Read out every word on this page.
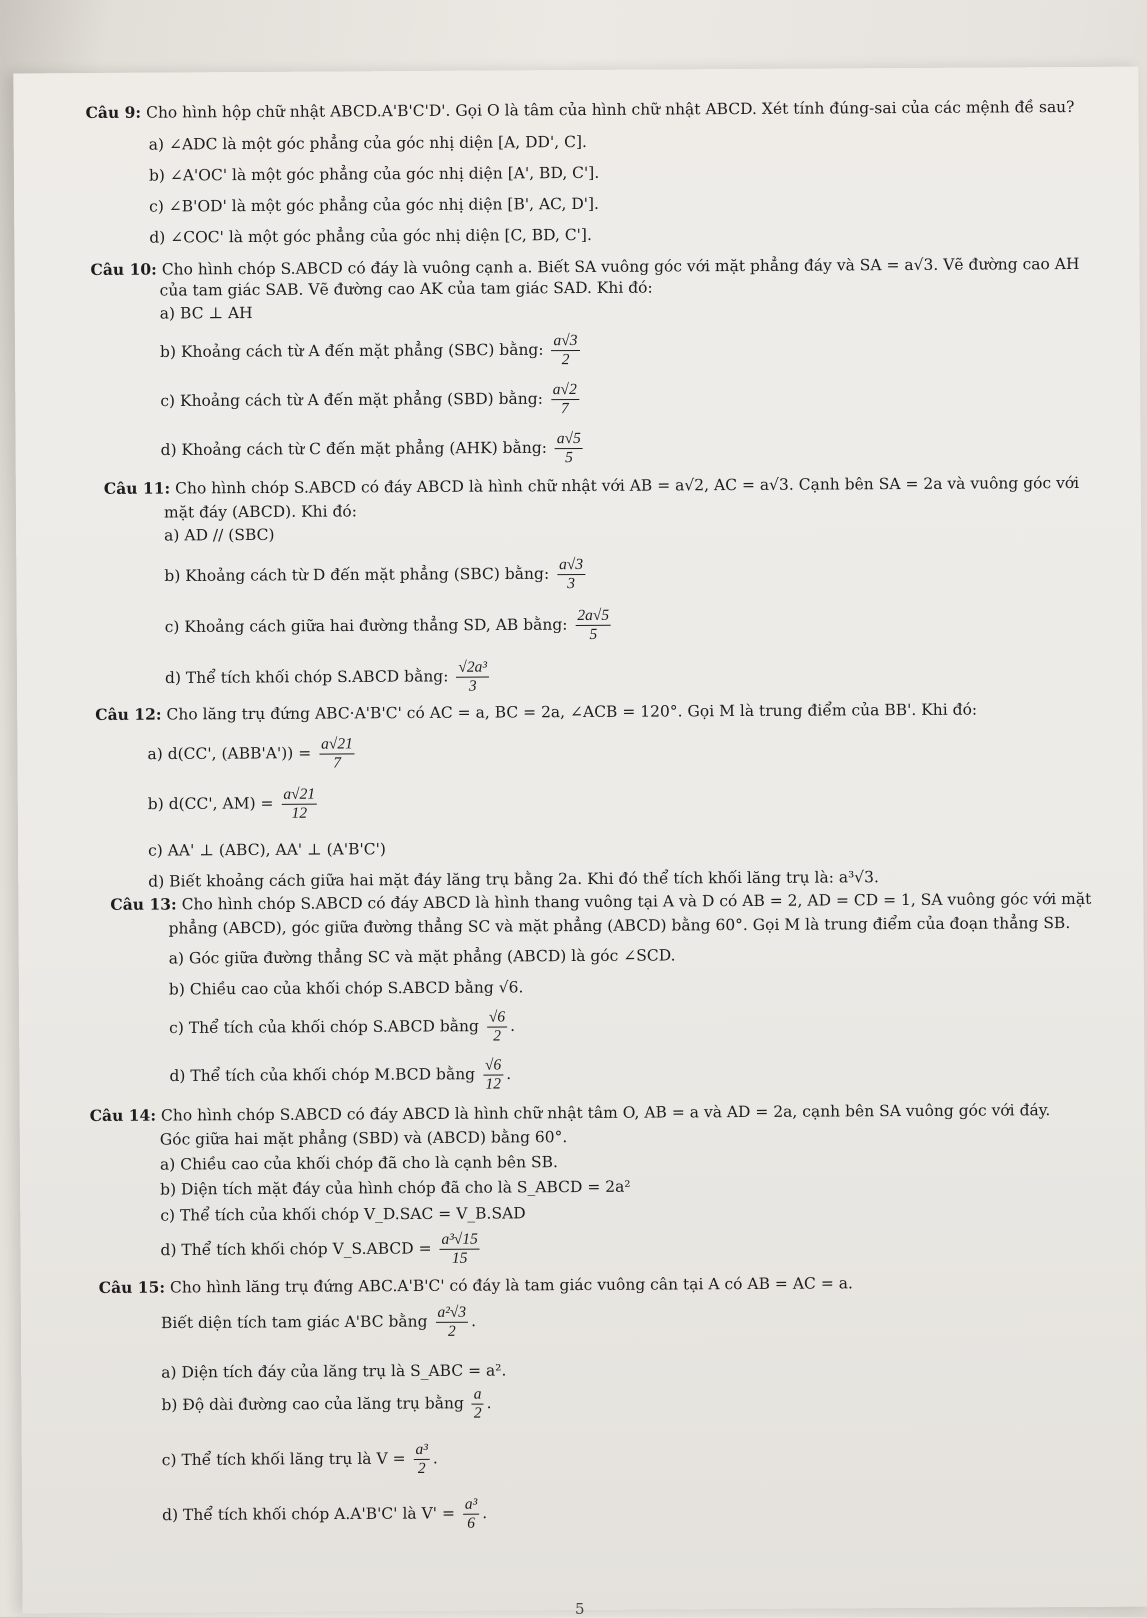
Câu 9: Cho hình hộp chữ nhật ABCD.A'B'C'D'. Gọi O là tâm của hình chữ nhật ABCD. Xét tính đúng-sai của các mệnh đề sau?
a) ∠ADC là một góc phẳng của góc nhị diện [A, DD', C].
b) ∠A'OC' là một góc phẳng của góc nhị diện [A', BD, C'].
c) ∠B'OD' là một góc phẳng của góc nhị diện [B', AC, D'].
d) ∠COC' là một góc phẳng của góc nhị diện [C, BD, C'].
Câu 10: Cho hình chóp S.ABCD có đáy là vuông cạnh a. Biết SA vuông góc với mặt phẳng đáy và SA = a√3. Vẽ đường cao AH
của tam giác SAB. Vẽ đường cao AK của tam giác SAD. Khi đó:
a) BC ⊥ AH
b) Khoảng cách từ A đến mặt phẳng (SBC) bằng: $\frac{a√3}{2}$
c) Khoảng cách từ A đến mặt phẳng (SBD) bằng: $\frac{a√2}{7}$
d) Khoảng cách từ C đến mặt phẳng (AHK) bằng: $\frac{a√5}{5}$
Câu 11: Cho hình chóp S.ABCD có đáy ABCD là hình chữ nhật với AB = a√2, AC = a√3. Cạnh bên SA = 2a và vuông góc với
mặt đáy (ABCD). Khi đó:
a) AD // (SBC)
b) Khoảng cách từ D đến mặt phẳng (SBC) bằng: $\frac{a√3}{3}$
c) Khoảng cách giữa hai đường thẳng SD, AB bằng: $\frac{2a√5}{5}$
d) Thể tích khối chóp S.ABCD bằng: $\frac{\text{√2a³}}{3}$
Câu 12: Cho lăng trụ đứng ABC·A'B'C' có AC = a, BC = 2a, ∠ACB = 120°. Gọi M là trung điểm của BB'. Khi đó:
a) d(CC', $(ABB'A')) = \frac{a√21}{7}$
b) d(CC', $AM) = \frac{a√21}{12}$
c) AA' ⊥ (ABC), AA' ⊥ (A'B'C')
d) Biết khoảng cách giữa hai mặt đáy lăng trụ bằng 2a. Khi đó thể tích khối lăng trụ là: a³√3.
Câu 13: Cho hình chóp S.ABCD có đáy ABCD là hình thang vuông tại A và D có AB = 2, AD = CD = 1, SA vuông góc với mặt
phẳng (ABCD), góc giữa đường thẳng SC và mặt phẳng (ABCD) bằng 60°. Gọi M là trung điểm của đoạn thẳng SB.
a) Góc giữa đường thẳng SC và mặt phẳng (ABCD) là góc ∠SCD.
b) Chiều cao của khối chóp S.ABCD bằng √6.
c) Thể tích của khối chóp S.ABCD bằng $\frac{√6}{2}$ .
d) Thể tích của khối chóp M.BCD bằng $\frac{√6}{12}$ .
Câu 14: Cho hình chóp S.ABCD có đáy ABCD là hình chữ nhật tâm O, AB = a và AD = 2a, cạnh bên SA vuông góc với đáy.
Góc giữa hai mặt phẳng (SBD) và (ABCD) bằng 60°.
a) Chiều cao của khối chóp đã cho là cạnh bên SB.
b) Diện tích mặt đáy của hình chóp đã cho là S_ABCD = 2a²
c) Thể tích của khối chóp V_D.SAC = V_B.SAD
d) Thể tích khối chóp V_S.ABCD = $\frac{\text{a³√15}}{15}$
Câu 15: Cho hình lăng trụ đứng ABC.A'B'C' có đáy là tam giác vuông cân tại A có AB = AC = a.
Biết diện tích tam giác A'BC bằng $\frac{\text{a²√3}}{2}$ .
a) Diện tích đáy của lăng trụ là S_ABC = a².
b) Độ dài đường cao của lăng trụ bằng $\frac{a}{2}$ .
c) Thể tích khối lăng trụ là $V = \frac{\text{a³}}{2}$ .
d) Thể tích khối chóp A.A'B'C' là $V' = \frac{\text{a³}}{6}$ .
5
